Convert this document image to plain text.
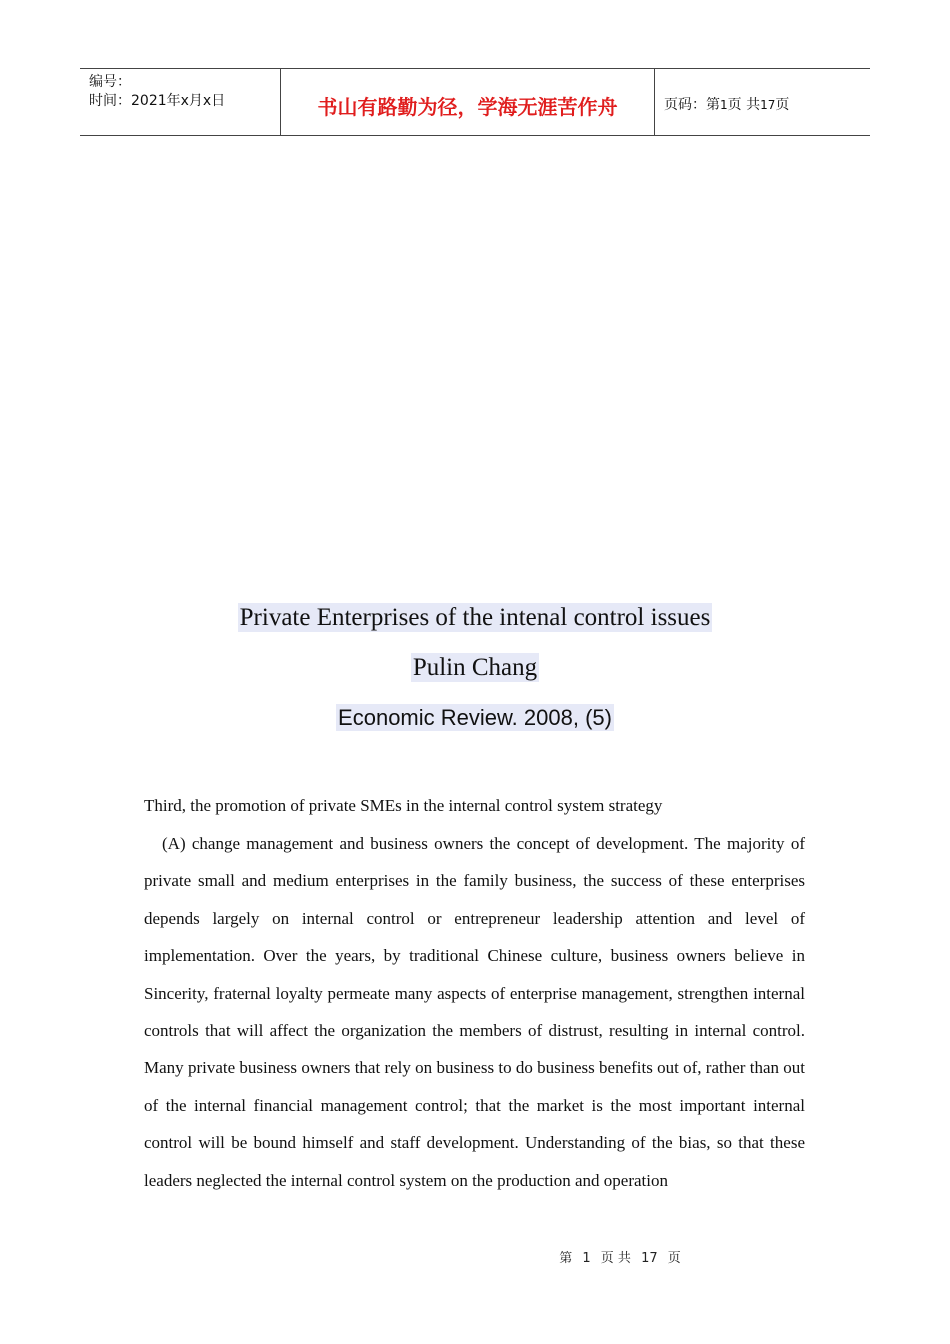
编号：
时间：2021年x月x日	书山有路勤为径，学海无涯苦作舟	页码：第1页 共17页
Private Enterprises of the intenal control issues
Pulin Chang
Economic Review. 2008, (5)
Third, the promotion of private SMEs in the internal control system strategy

(A) change management and business owners the concept of development. The majority of private small and medium enterprises in the family business, the success of these enterprises depends largely on internal control or entrepreneur leadership attention and level of implementation. Over the years, by traditional Chinese culture, business owners believe in Sincerity, fraternal loyalty permeate many aspects of enterprise management, strengthen internal controls that will affect the organization the members of distrust, resulting in internal control. Many private business owners that rely on business to do business benefits out of, rather than out of the internal financial management control; that the market is the most important internal control will be bound himself and staff development. Understanding of the bias, so that these leaders neglected the internal control system on the production and operation

第 1 页 共 17 页
